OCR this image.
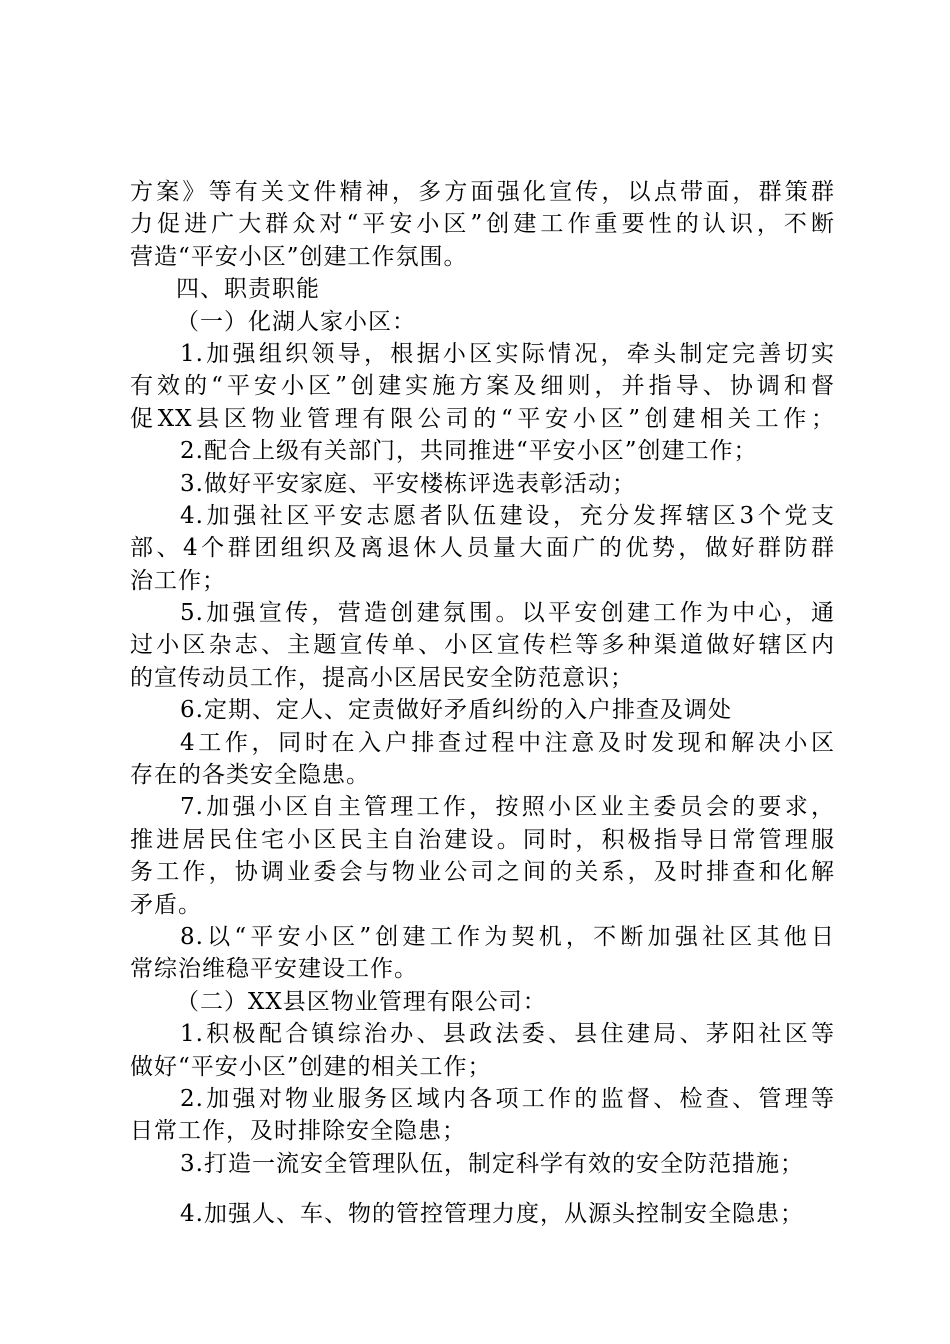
方案》等有关文件精神，多方面强化宣传，以点带面，群策群
力促进广大群众对“平安小区”创建工作重要性的认识，不断
营造“平安小区”创建工作氛围。
四、职责职能
（一）化湖人家小区：
1.加强组织领导，根据小区实际情况，牵头制定完善切实
有效的“平安小区”创建实施方案及细则，并指导、协调和督
促XX县区物业管理有限公司的“平安小区”创建相关工作；
2.配合上级有关部门，共同推进“平安小区”创建工作；
3.做好平安家庭、平安楼栋评选表彰活动；
4.加强社区平安志愿者队伍建设，充分发挥辖区3个党支
部、4个群团组织及离退休人员量大面广的优势，做好群防群
治工作；
5.加强宣传，营造创建氛围。以平安创建工作为中心，通
过小区杂志、主题宣传单、小区宣传栏等多种渠道做好辖区内
的宣传动员工作，提高小区居民安全防范意识；
6.定期、定人、定责做好矛盾纠纷的入户排查及调处
4工作，同时在入户排查过程中注意及时发现和解决小区
存在的各类安全隐患。
7.加强小区自主管理工作，按照小区业主委员会的要求，
推进居民住宅小区民主自治建设。同时，积极指导日常管理服
务工作，协调业委会与物业公司之间的关系，及时排查和化解
矛盾。
8.以“平安小区”创建工作为契机，不断加强社区其他日
常综治维稳平安建设工作。
（二）XX县区物业管理有限公司：
1.积极配合镇综治办、县政法委、县住建局、茅阳社区等
做好“平安小区”创建的相关工作；
2.加强对物业服务区域内各项工作的监督、检查、管理等
日常工作，及时排除安全隐患；
3.打造一流安全管理队伍，制定科学有效的安全防范措施；
4.加强人、车、物的管控管理力度，从源头控制安全隐患；
